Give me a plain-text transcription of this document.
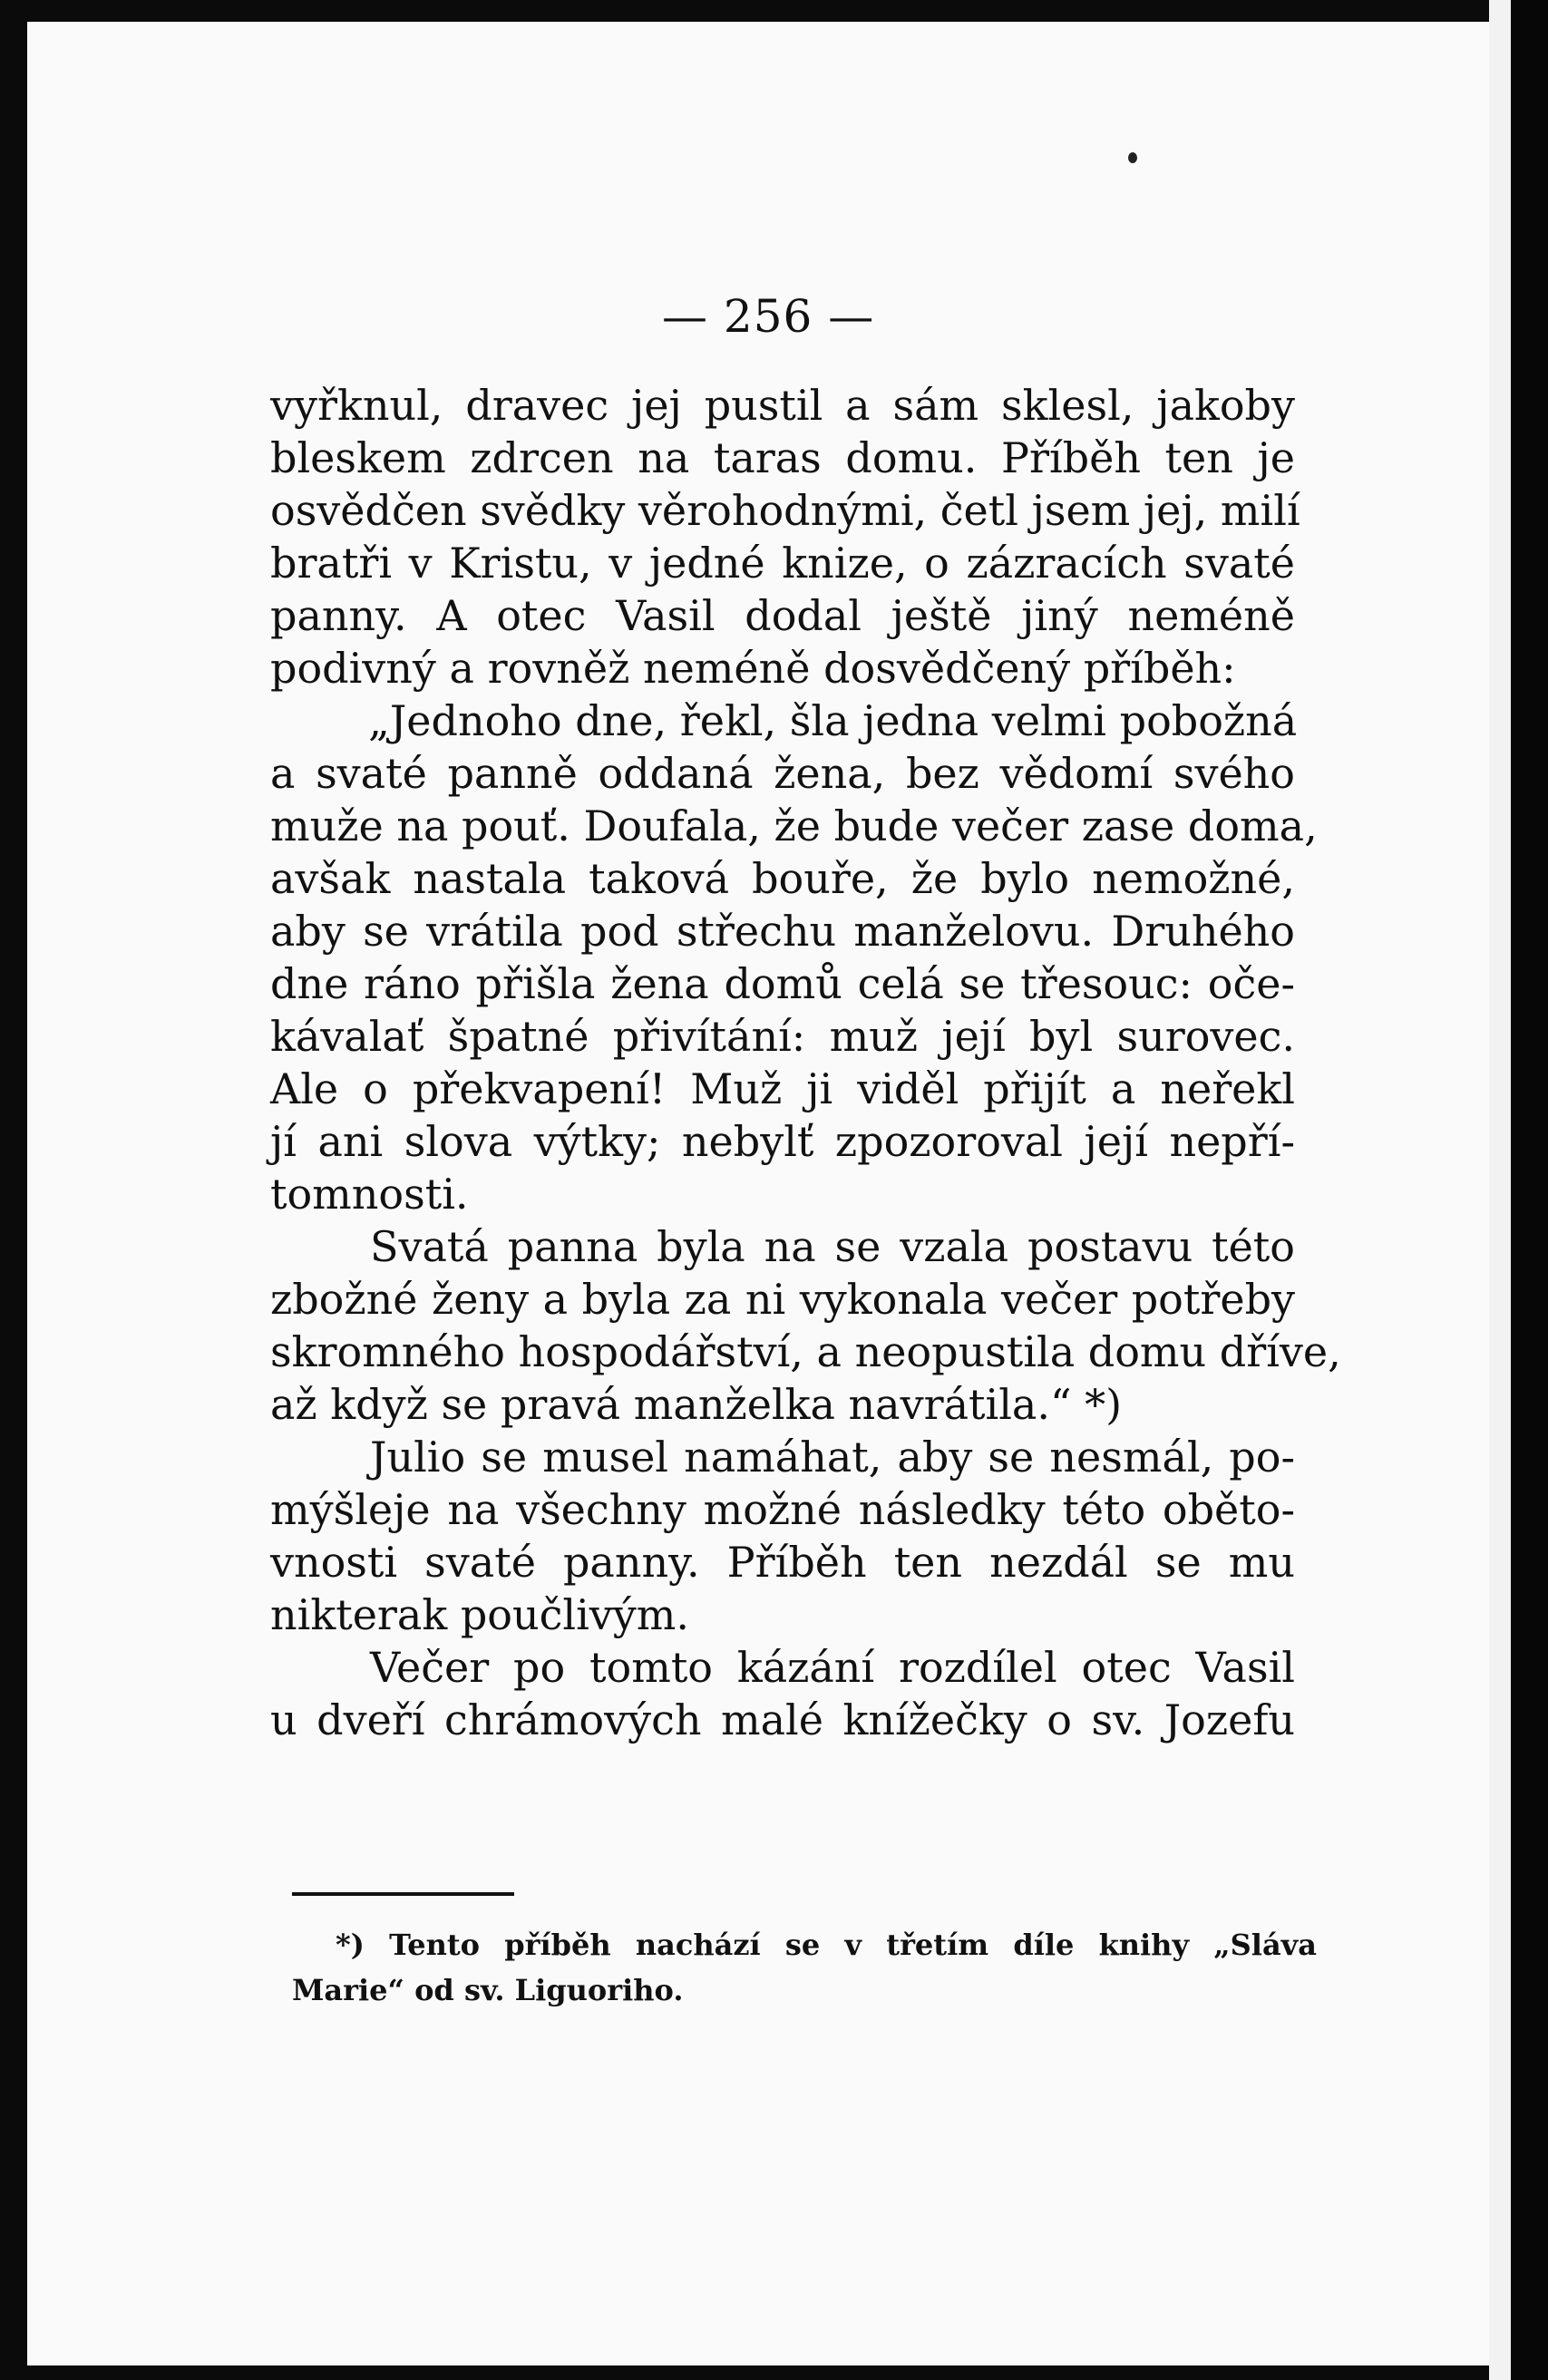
— 256 —
vyřknul, dravec jej pustil a sám sklesl, jakoby
bleskem zdrcen na taras domu. Příběh ten je
osvědčen svědky věrohodnými, četl jsem jej, milí
bratři v Kristu, v jedné knize, o zázracích svaté
panny. A otec Vasil dodal ještě jiný neméně
podivný a rovněž neméně dosvědčený příběh:
„Jednoho dne, řekl, šla jedna velmi pobožná
a svaté panně oddaná žena, bez vědomí svého
muže na pouť. Doufala, že bude večer zase doma,
avšak nastala taková bouře, že bylo nemožné,
aby se vrátila pod střechu manželovu. Druhého
dne ráno přišla žena domů celá se třesouc: oče-
kávalať špatné přivítání: muž její byl surovec.
Ale o překvapení! Muž ji viděl přijít a neřekl
jí ani slova výtky; nebylť zpozoroval její nepří-
tomnosti.
Svatá panna byla na se vzala postavu této
zbožné ženy a byla za ni vykonala večer potřeby
skromného hospodářství, a neopustila domu dříve,
až když se pravá manželka navrátila.“ *)
Julio se musel namáhat, aby se nesmál, po-
mýšleje na všechny možné následky této obětо-
vnosti svaté panny. Příběh ten nezdál se mu
nikterak poučlivým.
Večer po tomto kázání rozdílel otec Vasil
u dveří chrámových malé knížečky o sv. Jozefu
*) Tento příběh nachází se v třetím díle knihy „Sláva
Marie“ od sv. Liguoriho.
